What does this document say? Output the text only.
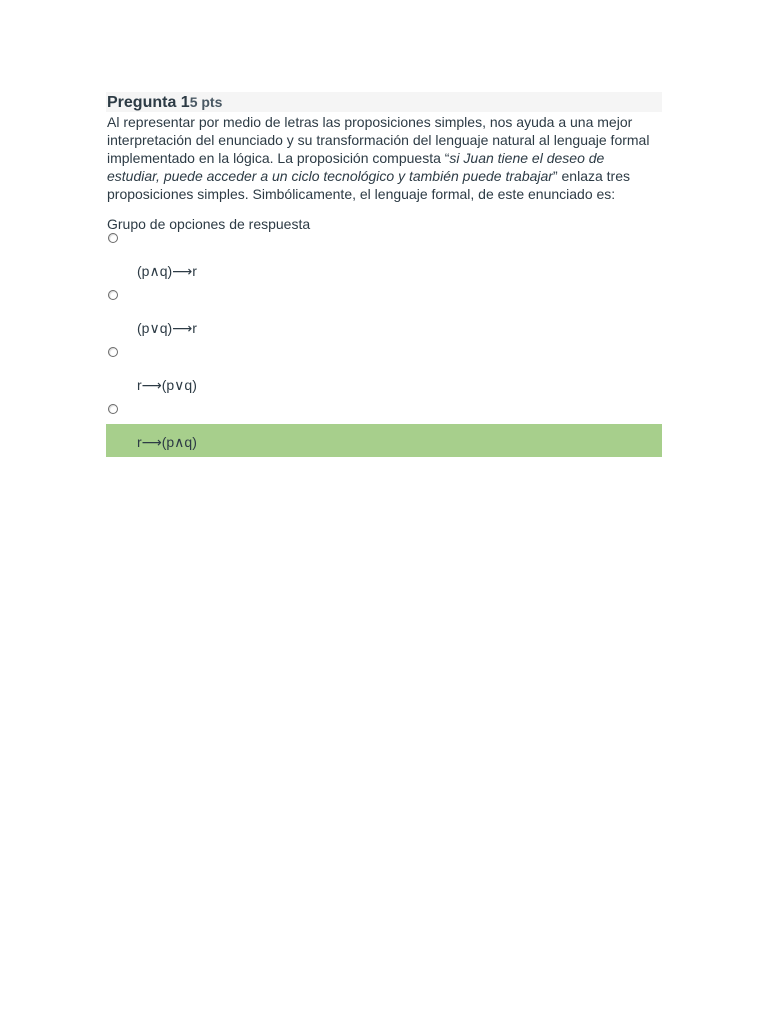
Pregunta 15 pts
Al representar por medio de letras las proposiciones simples, nos ayuda a una mejor interpretación del enunciado y su transformación del lenguaje natural al lenguaje formal implementado en la lógica. La proposición compuesta “si Juan tiene el deseo de estudiar, puede acceder a un ciclo tecnológico y también puede trabajar” enlaza tres proposiciones simples. Simbólicamente, el lenguaje formal, de este enunciado es:
Grupo de opciones de respuesta
(p∧q)⟶r
(p∨q)⟶r
r⟶(p∨q)
r⟶(p∧q)
